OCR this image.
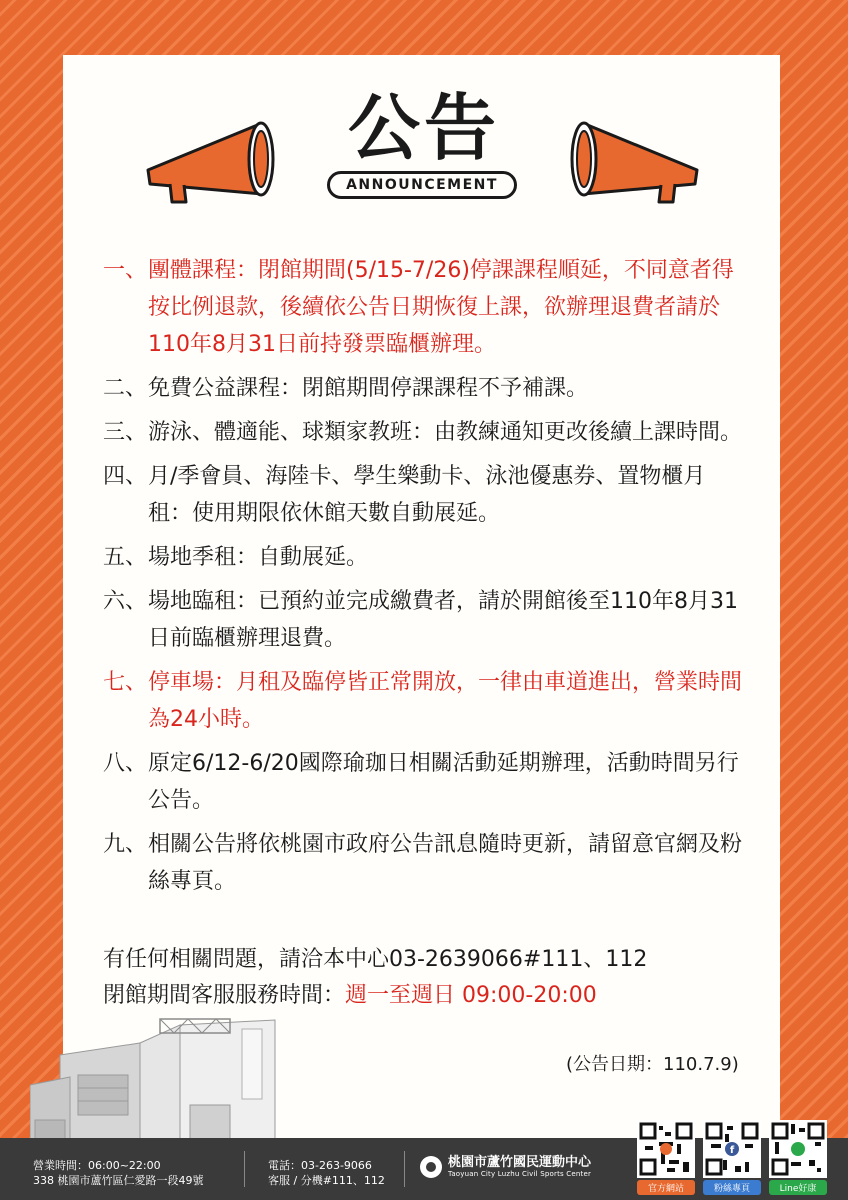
公告
ANNOUNCEMENT
一、 團體課程：閉館期間(5/15-7/26)停課課程順延，不同意者得按比例退款，後續依公告日期恢復上課，欲辦理退費者請於110年8月31日前持發票臨櫃辦理。
二、 免費公益課程：閉館期間停課課程不予補課。
三、 游泳、體適能、球類家教班：由教練通知更改後續上課時間。
四、 月/季會員、海陸卡、學生樂動卡、泳池優惠券、置物櫃月租：使用期限依休館天數自動展延。
五、 場地季租：自動展延。
六、 場地臨租：已預約並完成繳費者，請於開館後至110年8月31日前臨櫃辦理退費。
七、 停車場：月租及臨停皆正常開放，一律由車道進出，營業時間為24小時。
八、 原定6/12-6/20國際瑜珈日相關活動延期辦理，活動時間另行公告。
九、 相關公告將依桃園市政府公告訊息隨時更新，請留意官網及粉絲專頁。
有任何相關問題，請洽本中心03-2639066#111、112
閉館期間客服服務時間：週一至週日 09:00-20:00
(公告日期：110.7.9)
營業時間：06:00~22:00
338 桃園市蘆竹區仁愛路一段49號
電話：03-263-9066
客服 / 分機#111、112
桃園市蘆竹國民運動中心
Taoyuan City Luzhu Civil Sports Center
官方網站
f
粉絲專頁	Line好康
